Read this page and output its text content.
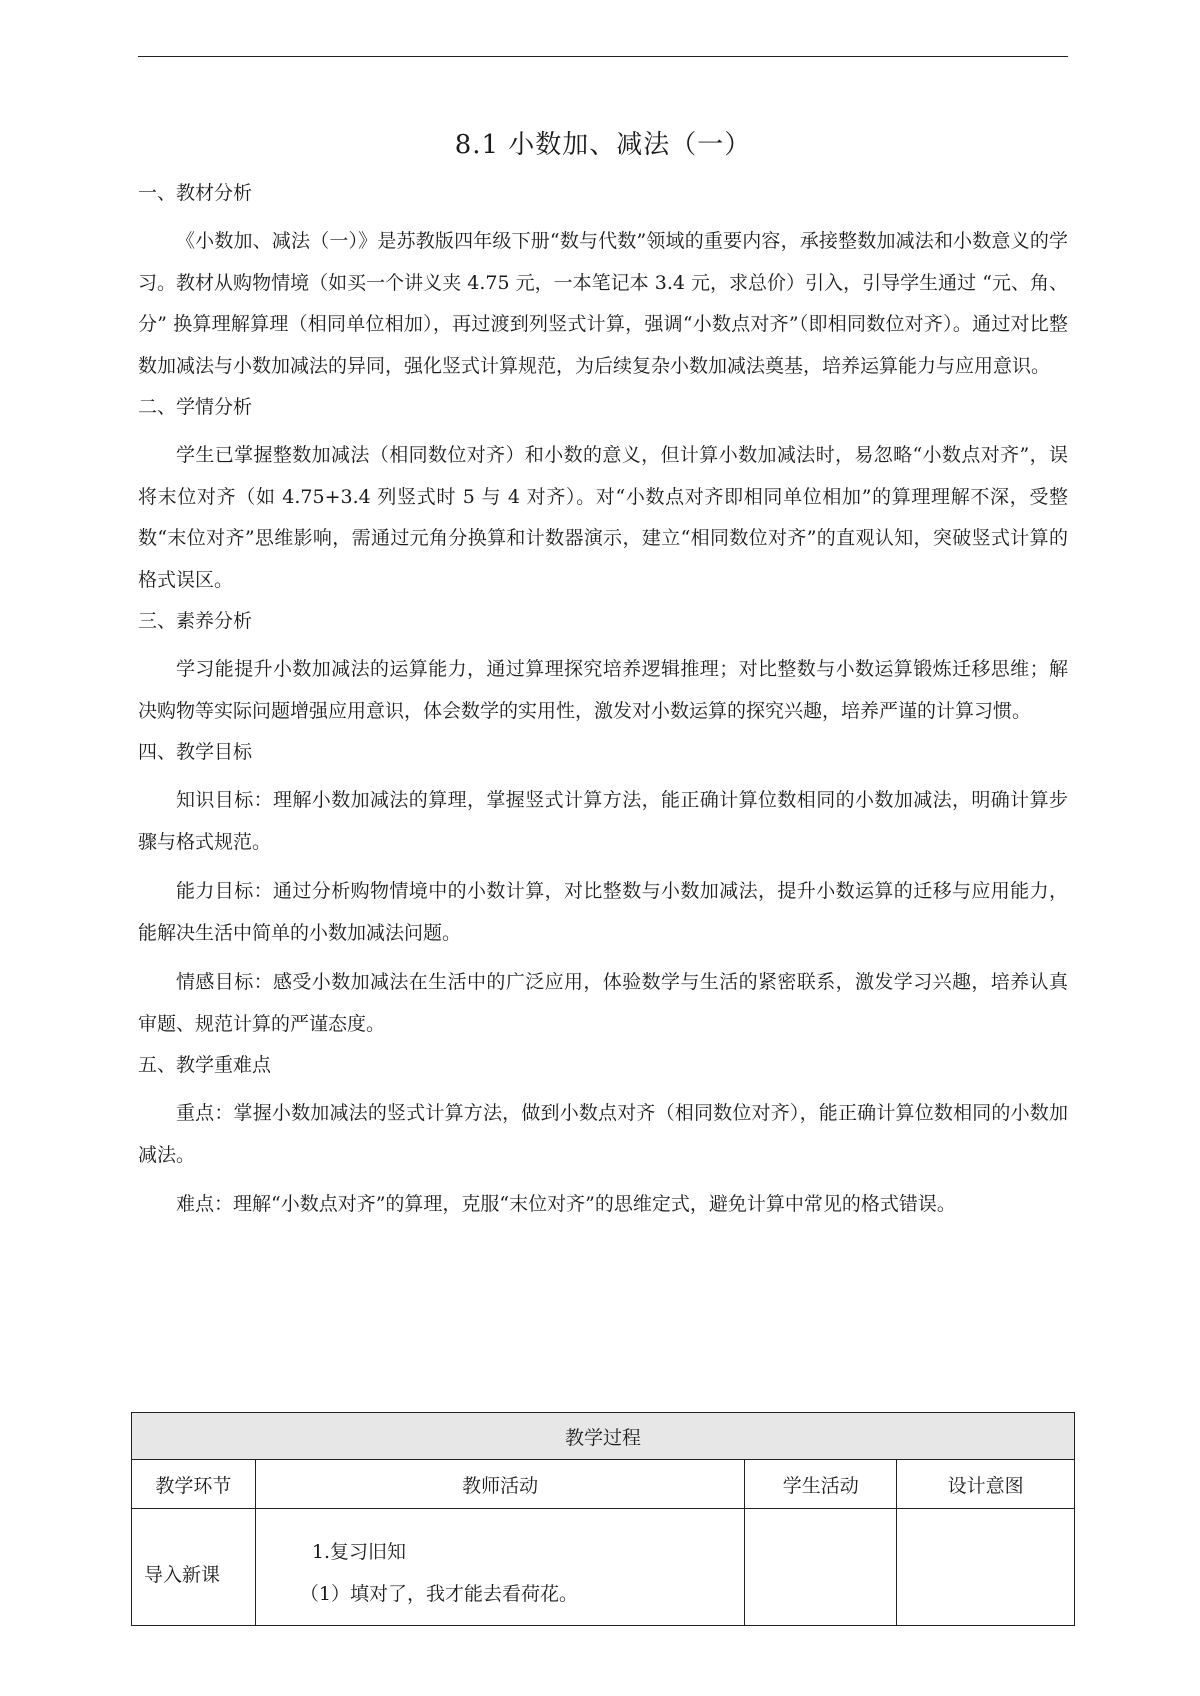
8.1 小数加、减法（一）
一、教材分析

《小数加、减法（一）》是苏教版四年级下册“数与代数”领域的重要内容，承接整数加减法和小数意义的学习。教材从购物情境（如买一个讲义夹 4.75 元，一本笔记本 3.4 元，求总价）引入，引导学生通过 “元、角、分” 换算理解算理（相同单位相加），再过渡到列竖式计算，强调“小数点对齐”（即相同数位对齐）。通过对比整数加减法与小数加减法的异同，强化竖式计算规范，为后续复杂小数加减法奠基，培养运算能力与应用意识。

二、学情分析

学生已掌握整数加减法（相同数位对齐）和小数的意义，但计算小数加减法时，易忽略“小数点对齐”，误将末位对齐（如 4.75+3.4 列竖式时 5 与 4 对齐）。对“小数点对齐即相同单位相加”的算理理解不深，受整数“末位对齐”思维影响，需通过元角分换算和计数器演示，建立“相同数位对齐”的直观认知，突破竖式计算的格式误区。

三、素养分析

学习能提升小数加减法的运算能力，通过算理探究培养逻辑推理；对比整数与小数运算锻炼迁移思维；解决购物等实际问题增强应用意识，体会数学的实用性，激发对小数运算的探究兴趣，培养严谨的计算习惯。

四、教学目标

知识目标：理解小数加减法的算理，掌握竖式计算方法，能正确计算位数相同的小数加减法，明确计算步骤与格式规范。

能力目标：通过分析购物情境中的小数计算，对比整数与小数加减法，提升小数运算的迁移与应用能力，能解决生活中简单的小数加减法问题。

情感目标：感受小数加减法在生活中的广泛应用，体验数学与生活的紧密联系，激发学习兴趣，培养认真审题、规范计算的严谨态度。

五、教学重难点

重点：掌握小数加减法的竖式计算方法，做到小数点对齐（相同数位对齐），能正确计算位数相同的小数加减法。

难点：理解“小数点对齐”的算理，克服“末位对齐”的思维定式，避免计算中常见的格式错误。

教学过程			
教学环节	教师活动	学生活动	设计意图
导入新课	1.复习旧知
（1）填对了，我才能去看荷花。		
